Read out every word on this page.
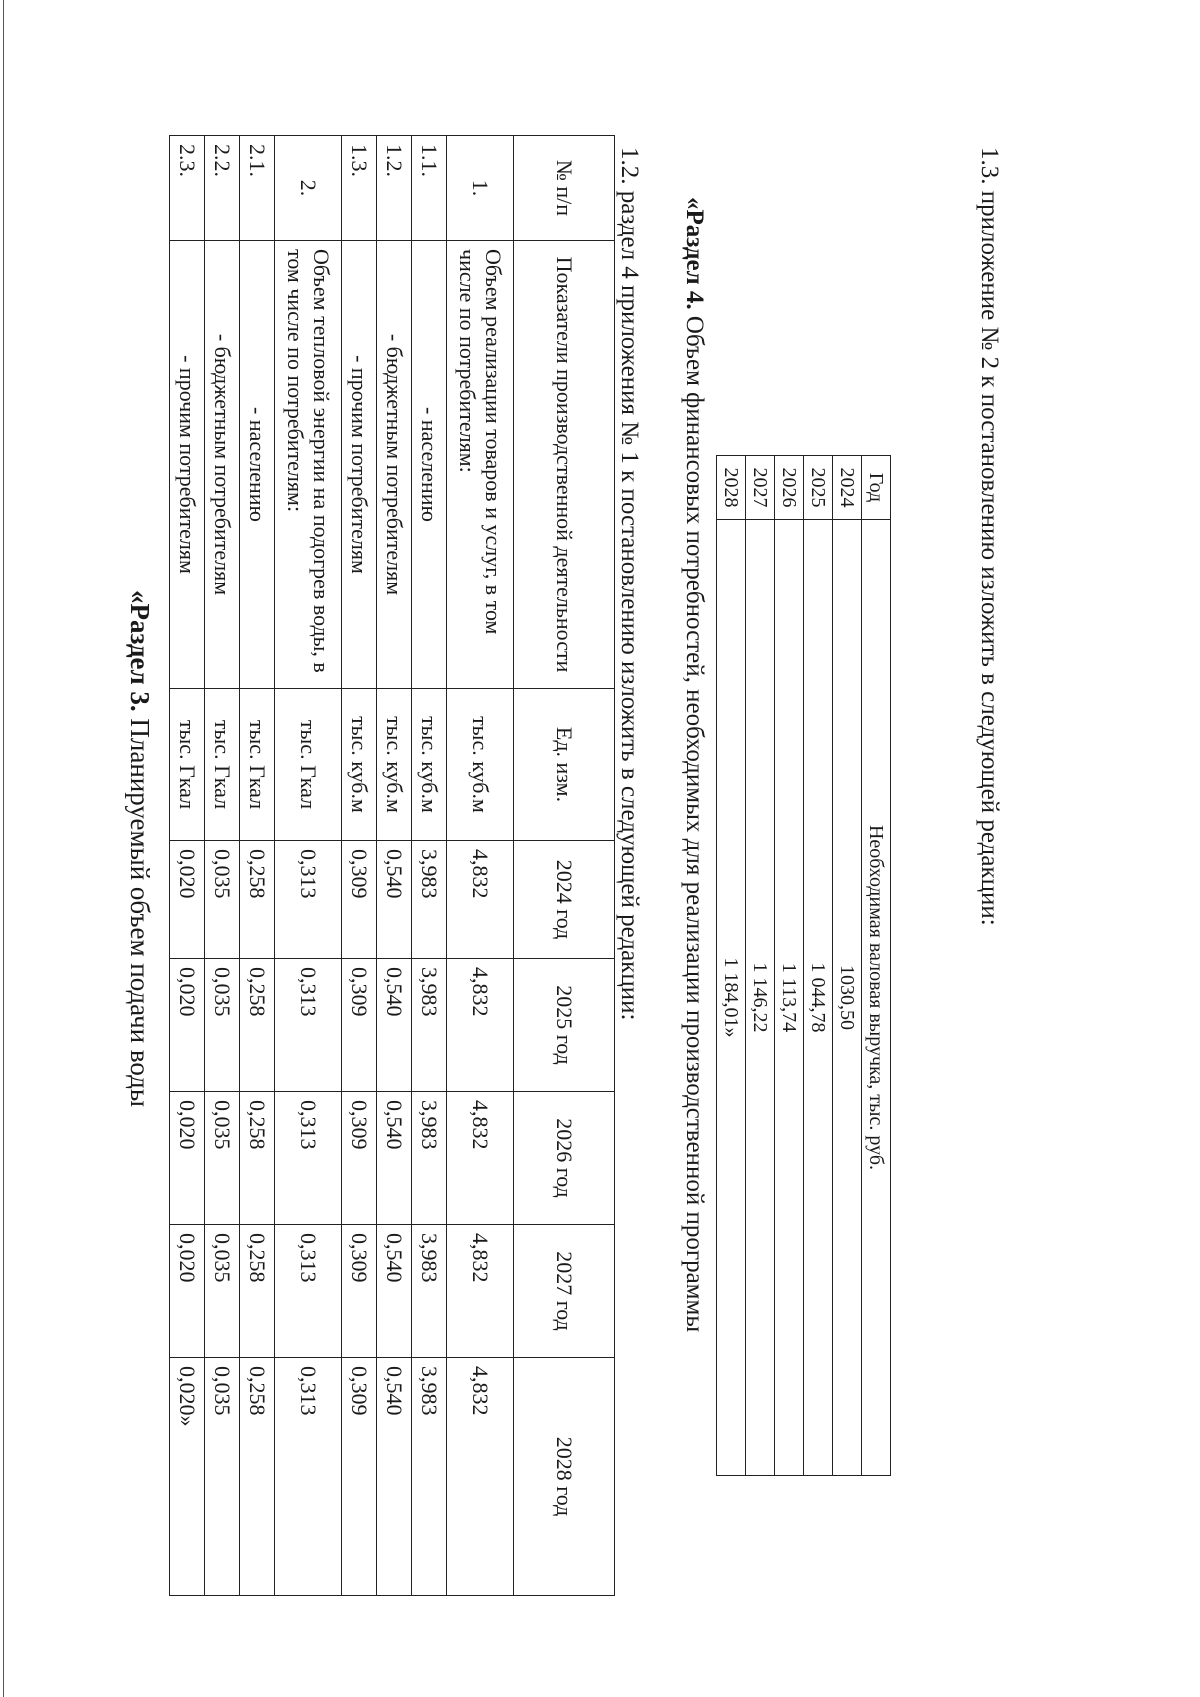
«Раздел 3. Планируемый объем подачи воды
№ п/п	Показатели производственной деятельности	Ед. изм.	2024 год	2025 год	2026 год	2027 год	2028 год
1.	Объем реализации товаров и услуг, в том числе по потребителям:	тыс. куб.м	4,832	4,832	4,832	4,832	4,832
1.1.	- населению	тыс. куб.м	3,983	3,983	3,983	3,983	3,983
1.2.	- бюджетным потребителям	тыс. куб.м	0,540	0,540	0,540	0,540	0,540
1.3.	- прочим потребителям	тыс. куб.м	0,309	0,309	0,309	0,309	0,309
2.	Объем тепловой энергии на подогрев воды, в том числе по потребителям:	тыс. Гкал	0,313	0,313	0,313	0,313	0,313
2.1.	- населению	тыс. Гкал	0,258	0,258	0,258	0,258	0,258
2.2.	- бюджетным потребителям	тыс. Гкал	0,035	0,035	0,035	0,035	0,035
2.3.	- прочим потребителям	тыс. Гкал	0,020	0,020	0,020	0,020	0,020»
1.2. раздел 4 приложения № 1 к постановлению изложить в следующей редакции: «Раздел 4. Объем финансовых потребностей, необходимых для реализации производственной программы	Год	Необходимая валовая выручка, тыс. руб.
2024	1030,50
2025	1 044,78
2026	1 113,74
2027	1 146,22
2028	1 184,01»
1.3. приложение № 2 к постановлению изложить в следующей редакции:
